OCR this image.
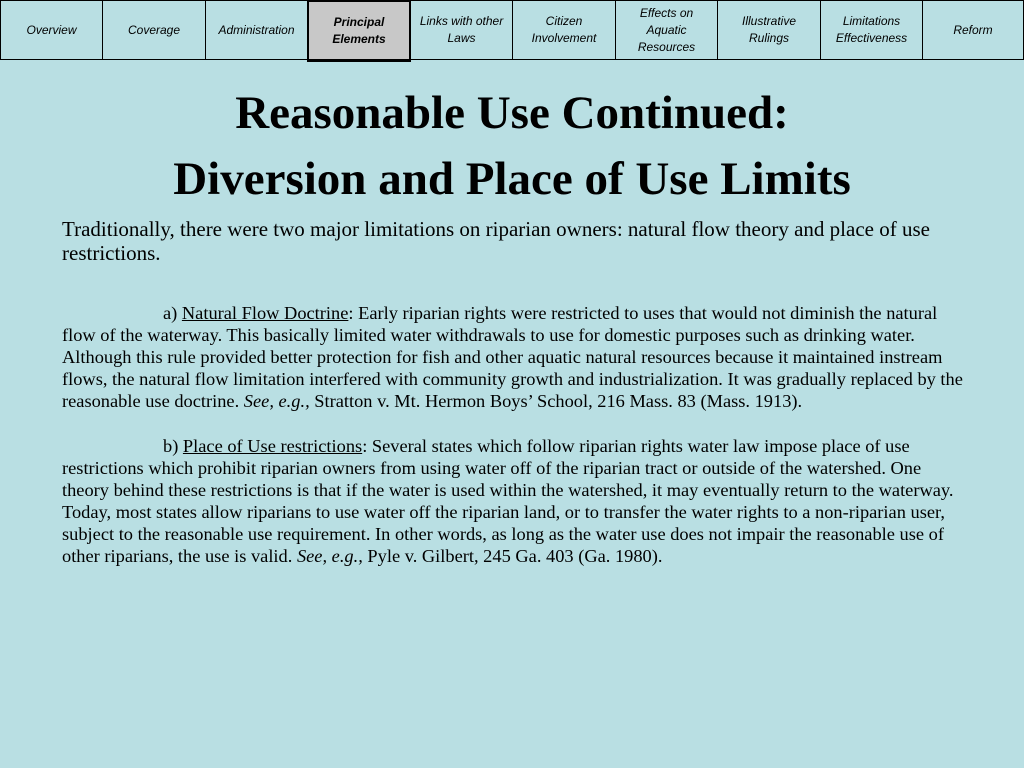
Overview	Coverage	Administration
Principal Elements
Links with other Laws
Citizen Involvement
Effects on Aquatic Resources
Illustrative Rulings
Limitations Effectiveness
Reform
Reasonable Use Continued:
Diversion and Place of Use Limits

Traditionally, there were two major limitations on riparian owners: natural flow theory and place of use restrictions.

a) Natural Flow Doctrine: Early riparian rights were restricted to uses that would not diminish the natural flow of the waterway. This basically limited water withdrawals to use for domestic purposes such as drinking water. Although this rule provided better protection for fish and other aquatic natural resources because it maintained instream flows, the natural flow limitation interfered with community growth and industrialization. It was gradually replaced by the reasonable use doctrine. See, e.g., Stratton v. Mt. Hermon Boys’ School, 216 Mass. 83 (Mass. 1913).

b) Place of Use restrictions: Several states which follow riparian rights water law impose place of use restrictions which prohibit riparian owners from using water off of the riparian tract or outside of the watershed. One theory behind these restrictions is that if the water is used within the watershed, it may eventually return to the waterway. Today, most states allow riparians to use water off the riparian land, or to transfer the water rights to a non-riparian user, subject to the reasonable use requirement. In other words, as long as the water use does not impair the reasonable use of other riparians, the use is valid. See, e.g., Pyle v. Gilbert, 245 Ga. 403 (Ga. 1980).
